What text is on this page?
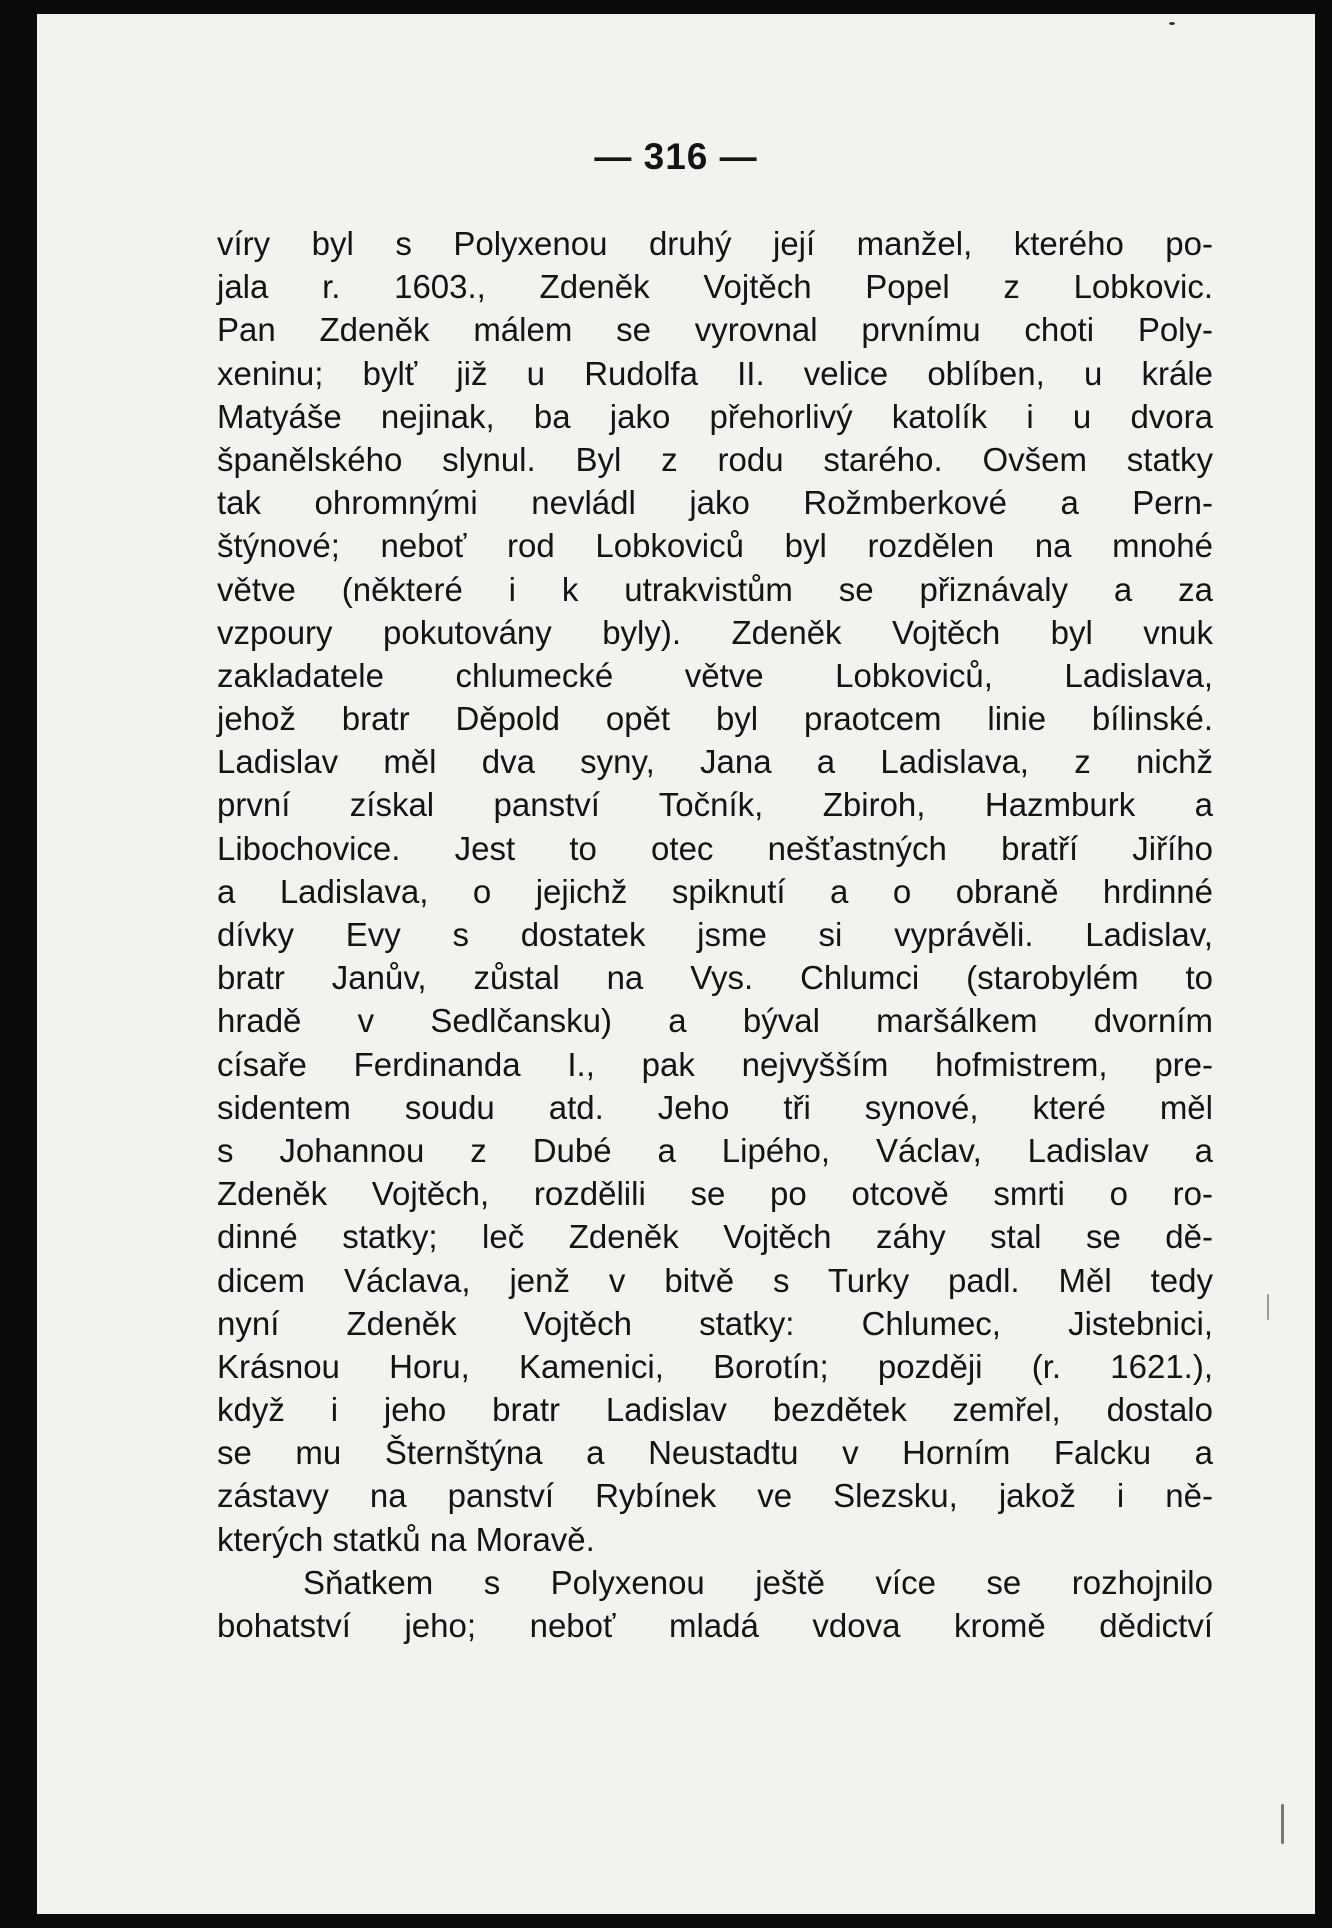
— 316 —
víry byl s Polyxenou druhý její manžel, kterého po-
jala r. 1603., Zdeněk Vojtěch Popel z Lobkovic.
Pan Zdeněk málem se vyrovnal prvnímu choti Poly-
xeninu; bylť již u Rudolfa II. velice oblíben, u krále
Matyáše nejinak, ba jako přehorlivý katolík i u dvora
španělského slynul. Byl z rodu starého. Ovšem statky
tak ohromnými nevládl jako Rožmberkové a Pern-
štýnové; neboť rod Lobkoviců byl rozdělen na mnohé
větve (některé i k utrakvistům se přiznávaly a za
vzpoury pokutovány byly). Zdeněk Vojtěch byl vnuk
zakladatele chlumecké větve Lobkoviců, Ladislava,
jehož bratr Děpold opět byl praotcem linie bílinské.
Ladislav měl dva syny, Jana a Ladislava, z nichž
první získal panství Točník, Zbiroh, Hazmburk a
Libochovice. Jest to otec nešťastných bratří Jiřího
a Ladislava, o jejichž spiknutí a o obraně hrdinné
dívky Evy s dostatek jsme si vyprávěli. Ladislav,
bratr Janův, zůstal na Vys. Chlumci (starobylém to
hradě v Sedlčansku) a býval maršálkem dvorním
císaře Ferdinanda I., pak nejvyšším hofmistrem, pre-
sidentem soudu atd. Jeho tři synové, které měl
s Johannou z Dubé a Lipého, Václav, Ladislav a
Zdeněk Vojtěch, rozdělili se po otcově smrti o ro-
dinné statky; leč Zdeněk Vojtěch záhy stal se dě-
dicem Václava, jenž v bitvě s Turky padl. Měl tedy
nyní Zdeněk Vojtěch statky: Chlumec, Jistebnici,
Krásnou Horu, Kamenici, Borotín; později (r. 1621.),
když i jeho bratr Ladislav bezdětek zemřel, dostalo
se mu Šternštýna a Neustadtu v Horním Falcku a
zástavy na panství Rybínek ve Slezsku, jakož i ně-
kterých statků na Moravě.
Sňatkem s Polyxenou ještě více se rozhojnilo
bohatství jeho; neboť mladá vdova kromě dědictví
